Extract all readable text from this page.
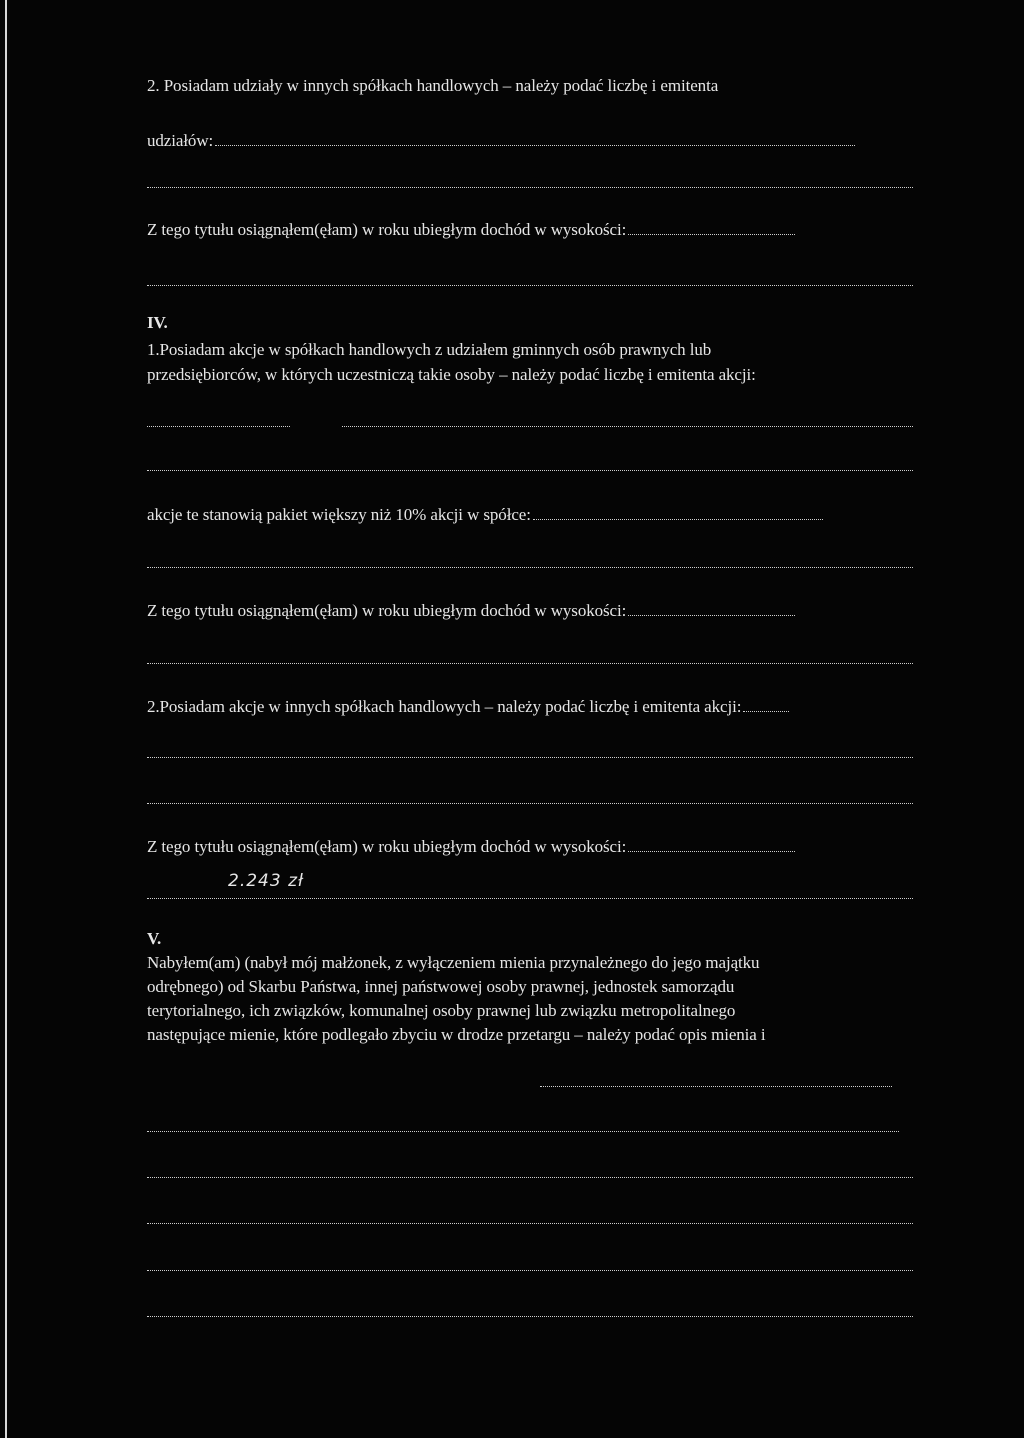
2. Posiadam udziały w innych spółkach handlowych – należy podać liczbę i emitenta
udziałów:
Z tego tytułu osiągnąłem(ęłam) w roku ubiegłym dochód w wysokości:
IV.
1.Posiadam akcje w spółkach handlowych z udziałem gminnych osób prawnych lub
przedsiębiorców, w których uczestniczą takie osoby – należy podać liczbę i emitenta akcji:
akcje te stanowią pakiet większy niż 10% akcji w spółce:
Z tego tytułu osiągnąłem(ęłam) w roku ubiegłym dochód w wysokości:
2.Posiadam akcje w innych spółkach handlowych – należy podać liczbę i emitenta akcji:
Z tego tytułu osiągnąłem(ęłam) w roku ubiegłym dochód w wysokości:
2.243 zł
V.
Nabyłem(am) (nabył mój małżonek, z wyłączeniem mienia przynależnego do jego majątku
odrębnego) od Skarbu Państwa, innej państwowej osoby prawnej, jednostek samorządu
terytorialnego, ich związków, komunalnej osoby prawnej lub związku metropolitalnego
następujące mienie, które podlegało zbyciu w drodze przetargu – należy podać opis mienia i
